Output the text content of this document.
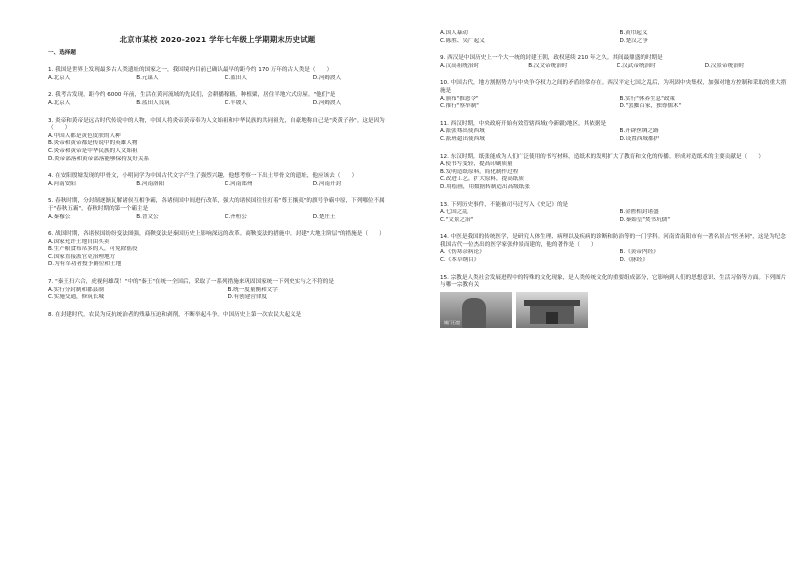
北京市某校 2020-2021 学年七年级上学期期末历史试题
一、选择题
1. 我国是世界上发现最多古人类遗址的国家之一，我国境内目前已确认最早的距今约 170 万年的古人类是（　　）
A.北京人	B.元谋人	C.蓝田人	D.河姆渡人
2. 我考古发现，距今约 6000 年前，生活在黄河流域的先民们，会耕播稼穑，种植粟，居住半地穴式房屋。"他们"是
A.北京人	B.蓝田人良筑	C.半坡人	D.河姆渡人
3. 炎帝和黄帝是远古时代传说中的人物，中国人将炎帝黄帝奉为人文始祖和中华民族的共同祖先，自豪地称自己是"炎黄子孙"。这是因为（　　）
A.中国人都是黄色皮肤的人种
B.炎帝和黄帝都是传说中的英雄人物
C.炎帝和黄帝是中华民族的人文始祖
D.炎帝部落和黄帝部落能够保持友好关系
4. 在安阳殷墟发现的甲骨文，小明同学为中国古代文字产生了强烈兴趣，他想考察一下出土甲骨文的遗址，他应该去（　　）
A.河南安阳	B.河南洛阳	C.河南郑州	D.河南开封
5. 春秋时期，分封制逐渐瓦解诸侯互相争霸，各诸侯国中间进行改革，强大的诸侯国往往打着"尊王攘夷"的旗号争霸中原，下列哪位不属于"春秋五霸"，春秋时期的第一个霸主是
A.秦穆公	B.晋文公	C.齐桓公	D.楚庄王
6. 战国时期，各诸侯国纷纷变法图强，商鞅变法是秦国历史上影响深远的改革。商鞅变法的措施中，封建"大地主阶层"的措施是（　　）
A.国家允许土地自由买卖
B.生产粮食布帛多的人，可免除徭役
C.国家直接派官吏治理地方
D.为有军功者授予爵位和土地
7. "秦王扫六合，虎视何雄哉！"中的"秦王"在统一全国后，采取了一系列措施来巩固国家统一下列史实与之不符的是
A.实行分封制和郡县制	B.统一度量衡和文字
C.实施交通，修筑长城	D.有创建营律度
8. 在封建时代，农民为反抗统治者的残暴压迫和剥削，不断举起斗争。中国历史上第一次农民大起义是
A.国人暴动	B.黄巾起义
C.陈胜、吴广起义	D.楚汉之争
9. 西汉是中国历史上一个大一统的封建王朝，政权延续 210 年之久。其间最鼎盛的时期是
A.汉高祖统治时	B.汉文帝统治时	C.汉武帝统治时	D.汉景帝统治时
10. 中国古代，地方割据势力与中央争夺权力之间的矛盾经常存在。西汉平定七国之乱后，为巩固中央集权，加强对地方控制和采取的重大措施是
A.颁布"推恩令"	B.实行"休养生息"政策
C.推行"察举制"	D."罢黜百家，独尊儒术"
11. 西汉时期，中央政府开始有效管辖西域(今新疆)地区。其依据是
A.派张骞出使西域	B.开辟丝绸之路
C.派班超出使西域	D.设置西域都护
12. 东汉时期，纸张能成为人们广泛使用的书写材料，造纸术的发明扩大了教育和文化的传播。形成对造纸术的主要贡献是（　　）
A.使书写变轻，提高印刷质量
B.发明造纸原料，简化制作过程
C.改进工艺，扩大原料，提高纸质
D.用绘画，用数据转制造出高级纸张
13. 下列历史事件，不能被司马迁写入《史记》的是
A.七国之乱	B.金匮相封诸盛
C."文景之治"	D.秦始皇"焚书坑儒"
14. 中医是我国的传统医学，是研究人体生理、病理以及疾病的诊断和防治等的一门学科。河南省南阳市有一著名景点"医圣祠"，这是为纪念我国古代一位杰出的医学家张仲景而建的，他的著作是（　　）
A.《伤寒杂病论》	B.《黄帝内经》
C.《本草纲目》	D.《脉经》
15. 宗教是人类社会发展进程中的特殊的文化现象，是人类传统文化的重要组成部分，它影响到人们的思想意识、生活习俗等方面。下列图片与哪一宗教有关
城门石窟
